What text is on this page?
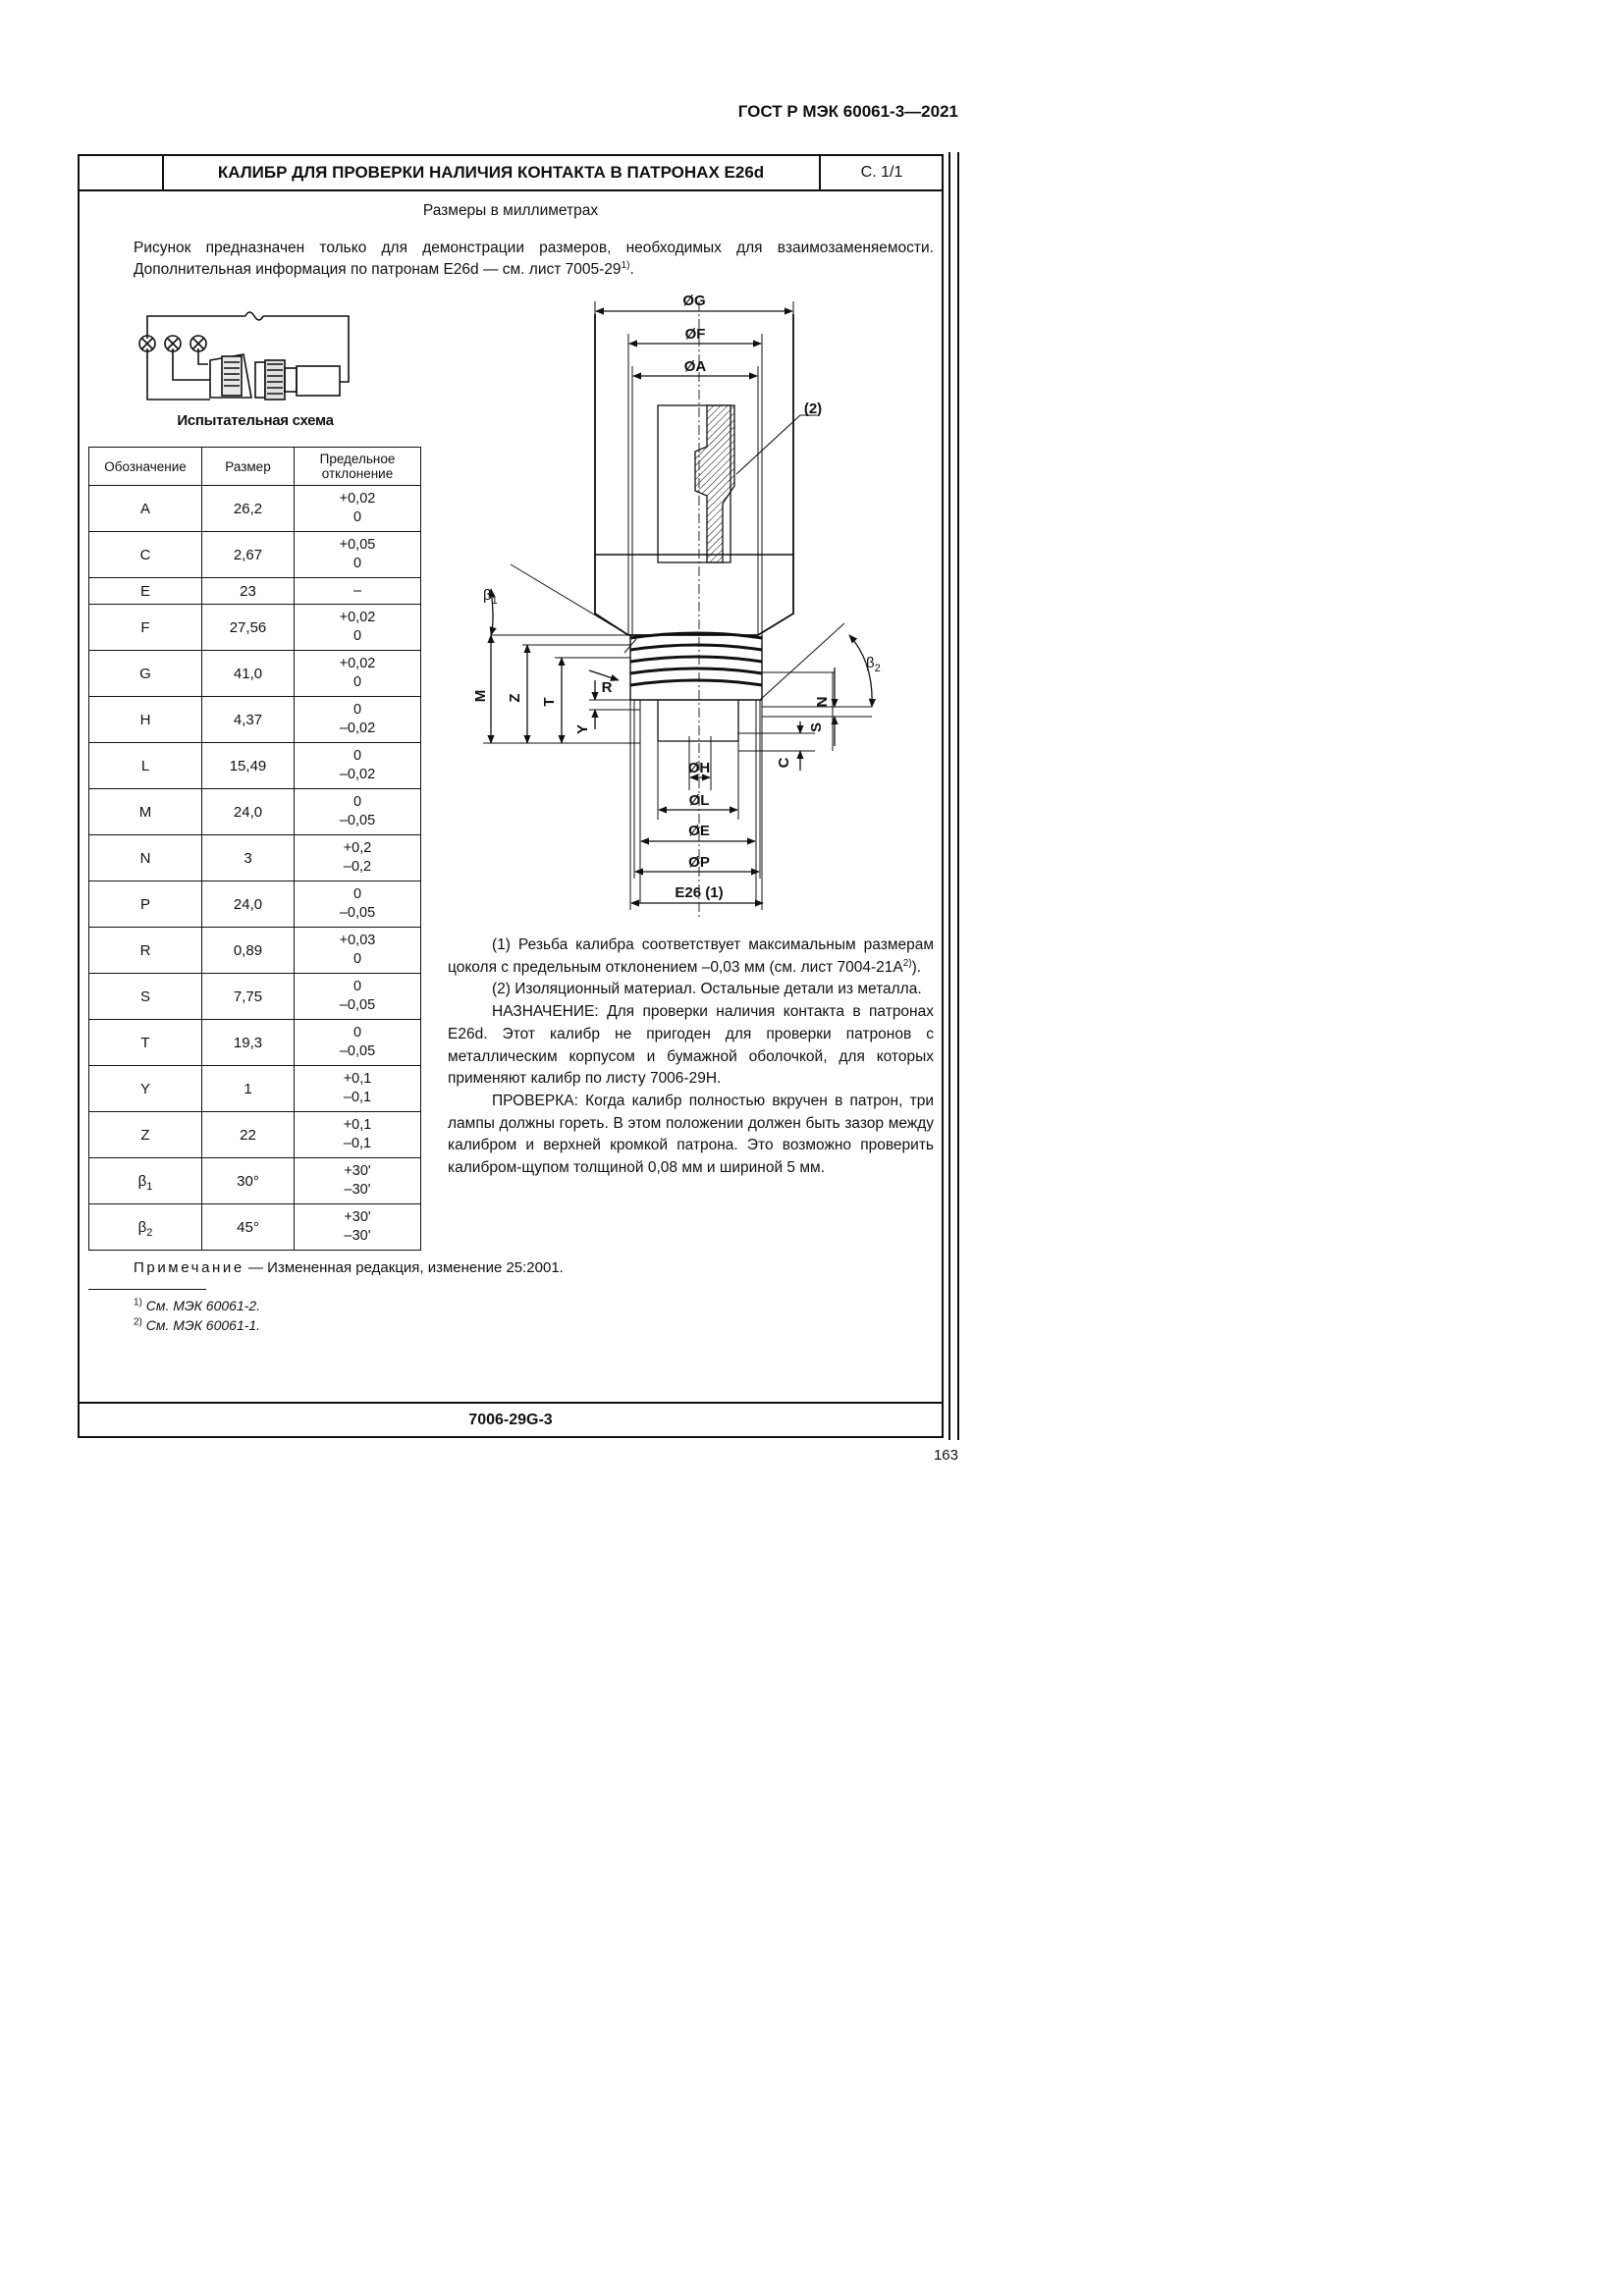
ГОСТ Р МЭК 60061-3—2021
КАЛИБР ДЛЯ ПРОВЕРКИ НАЛИЧИЯ КОНТАКТА В ПАТРОНАХ E26d	С. 1/1
Размеры в миллиметрах

Рисунок предназначен только для демонстрации размеров, необходимых для взаимозаменяемости. Дополнительная информация по патронам E26d — см. лист 7005-29$^{1)}$.

Испытательная схема
Обозначение	Размер	Предельное отклонение
A	26,2	+0,02
0

C	2,67	+0,05
0

E	23	–

F	27,56	+0,02
0

G	41,0	+0,02
0

H	4,37	0
–0,02

L	15,49	0
–0,02

M	24,0	0
–0,05

N	3	+0,2
–0,2

P	24,0	0
–0,05

R	0,89	+0,03
0

S	7,75	0
–0,05

T	19,3	0
–0,05

Y	1	+0,1
–0,1

Z	22	+0,1
–0,1

$\beta_1$	30°	+30'
–30'

$\beta_2$	45°	+30'
–30'
ØG
ØF
ØA
(2)
$\beta_1$
$\beta_2$
R
M Z T
Y
N
S
C
ØH
ØL
ØE
ØP
E26 (1)

(1) Резьба калибра соответствует максимальным размерам цоколя с предельным отклонением –0,03 мм (см. лист $7004-21A^{2)}$).

(2) Изоляционный материал. Остальные детали из металла.

НАЗНАЧЕНИЕ: Для проверки наличия контакта в патронах E26d. Этот калибр не пригоден для проверки патронов с металлическим корпусом и бумажной оболочкой, для которых применяют калибр по листу 7006-29H.

ПРОВЕРКА: Когда калибр полностью вкручен в патрон, три лампы должны гореть. В этом положении должен быть зазор между калибром и верхней кромкой патрона. Это возможно проверить калибром-щупом толщиной 0,08 мм и шириной 5 мм.

Примечание — Измененная редакция, изменение 25:2001.
$^{1)}$ См. МЭК 60061-2.
$^{2)}$ См. МЭК 60061-1.
7006-29G-3
163
